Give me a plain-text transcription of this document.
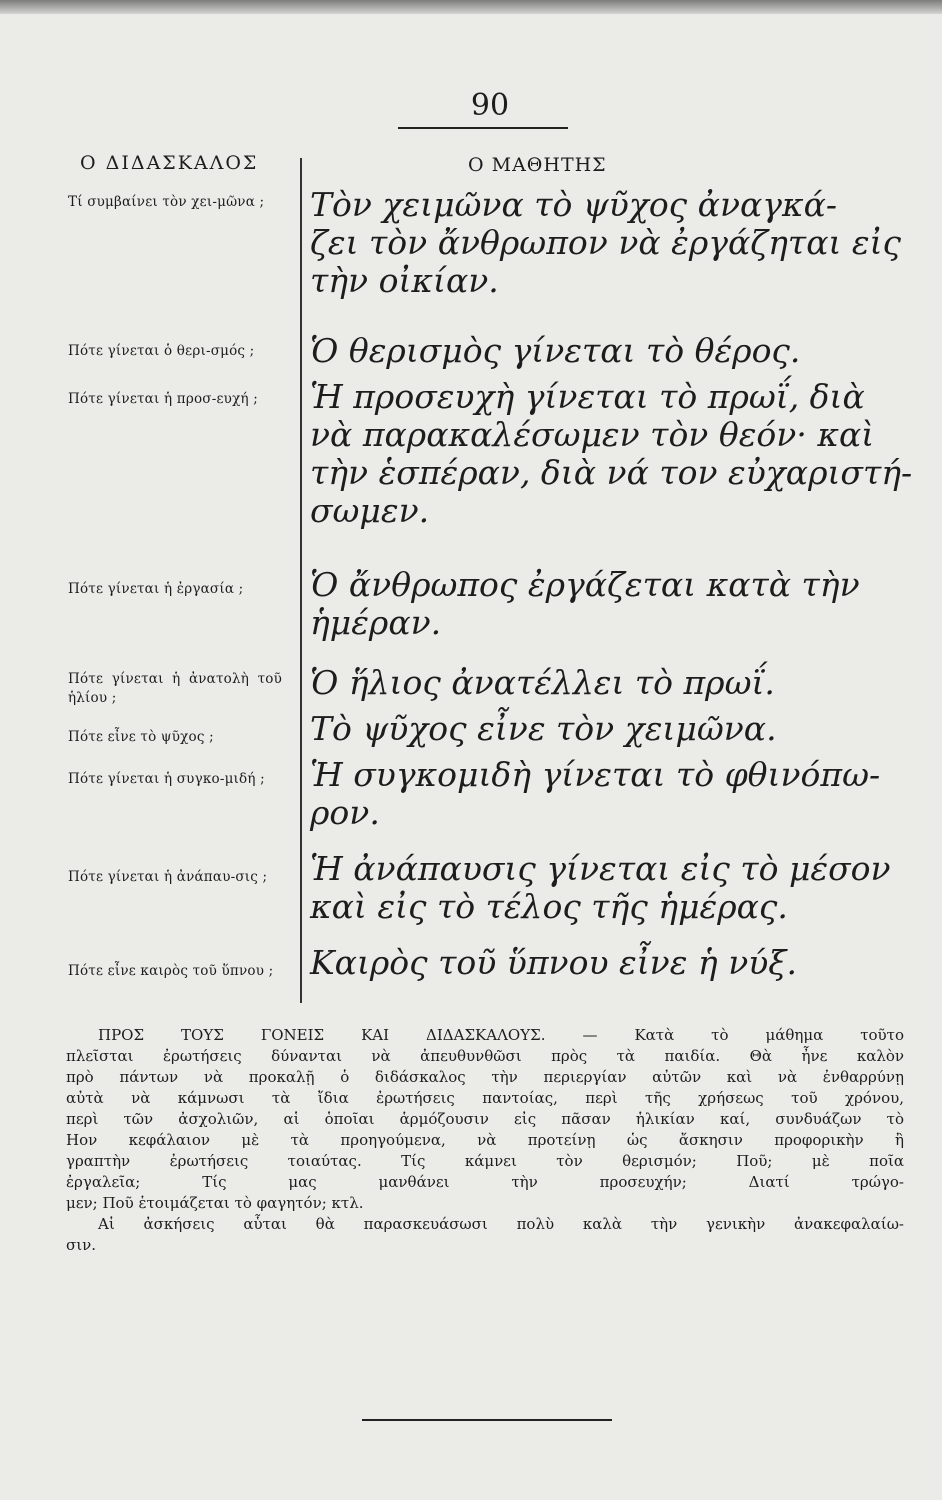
90
Ο ΔΙΔΑΣΚΑΛΟΣ	Ο ΜΑΘΗΤΗΣ
Τί συμβαίνει τὸν χει-μῶνα ;
Πότε γίνεται ὁ θερι-σμός ;
Πότε γίνεται ἡ προσ-ευχή ;
Πότε γίνεται ἡ ἐργασία ;
Πότε γίνεται ἡ ἀνατολὴ τοῦ ἡλίου ;
Πότε εἶνε τὸ ψῦχος ;
Πότε γίνεται ἡ συγκο-μιδή ;
Πότε γίνεται ἡ ἀνάπαυ-σις ;
Πότε εἶνε καιρὸς τοῦ ὕπνου ;
Τὸν χειμῶνα τὸ ψῦχος ἀναγκά-
ζει τὸν ἄνθρωπον νὰ ἐργάζηται εἰς
τὴν οἰκίαν.
Ὁ θερισμὸς γίνεται τὸ θέρος.
Ἡ προσευχὴ γίνεται τὸ πρωΐ, διὰ
νὰ παρακαλέσωμεν τὸν θεόν· καὶ
τὴν ἑσπέραν, διὰ νά τον εὐχαριστή-
σωμεν.
Ὁ ἄνθρωπος ἐργάζεται κατὰ τὴν
ἡμέραν.
Ὁ ἥλιος ἀνατέλλει τὸ πρωΐ.
Τὸ ψῦχος εἶνε τὸν χειμῶνα.
Ἡ συγκομιδὴ γίνεται τὸ φθινόπω-
ρον.
Ἡ ἀνάπαυσις γίνεται εἰς τὸ μέσον
καὶ εἰς τὸ τέλος τῆς ἡμέρας.
Καιρὸς τοῦ ὕπνου εἶνε ἡ νύξ.
ΠΡΟΣ ΤΟΥΣ ΓΟΝΕΙΣ ΚΑΙ ΔΙΔΑΣΚΑΛΟΥΣ. — Κατὰ τὸ μάθημα τοῦτο
πλεῖσται ἐρωτήσεις δύνανται νὰ ἀπευθυνθῶσι πρὸς τὰ παιδία. Θὰ ἦνε καλὸν
πρὸ πάντων νὰ προκαλῇ ὁ διδάσκαλος τὴν περιεργίαν αὐτῶν καὶ νὰ ἐνθαρρύνῃ
αὐτὰ νὰ κάμνωσι τὰ ἴδια ἐρωτήσεις παντοίας, περὶ τῆς χρήσεως τοῦ χρόνου,
περὶ τῶν ἀσχολιῶν, αἱ ὁποῖαι ἁρμόζουσιν εἰς πᾶσαν ἡλικίαν καί, συνδυάζων τὸ
Ηον κεφάλαιον μὲ τὰ προηγούμενα, νὰ προτείνῃ ὡς ἄσκησιν προφορικὴν ἢ
γραπτὴν ἐρωτήσεις τοιαύτας. Τίς κάμνει τὸν θερισμόν; Ποῦ; μὲ ποῖα
ἐργαλεῖα; Τίς μας μανθάνει τὴν προσευχήν; Διατί τρώγο-
μεν; Ποῦ ἑτοιμάζεται τὸ φαγητόν; κτλ.
Αἱ ἀσκήσεις αὗται θὰ παρασκευάσωσι πολὺ καλὰ τὴν γενικὴν ἀνακεφαλαίω-
σιν.
